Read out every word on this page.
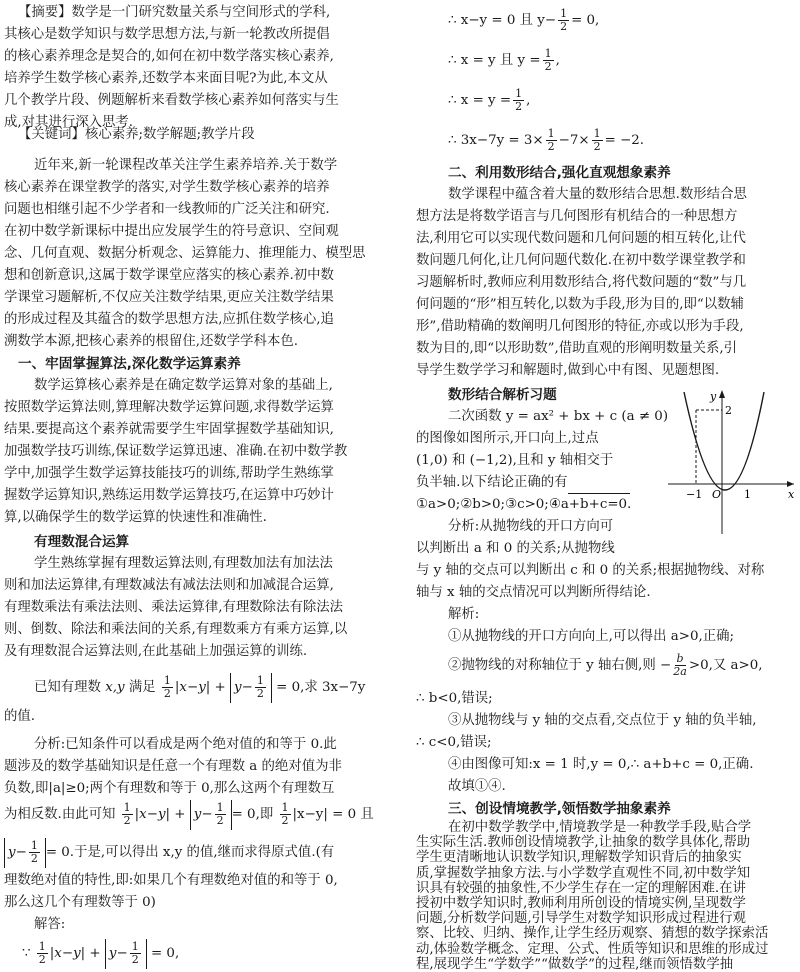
【摘要】数学是一门研究数量关系与空间形式的学科,
其核心是数学知识与数学思想方法,与新一轮教改所提倡
的核心素养理念是契合的,如何在初中数学落实核心素养,
培养学生数学核心素养,还数学本来面目呢?为此,本文从
几个教学片段、例题解析来看数学核心素养如何落实与生
成,对其进行深入思考.
【关键词】核心素养;数学解题;教学片段
近年来,新一轮课程改革关注学生素养培养.关于数学
核心素养在课堂教学的落实,对学生数学核心素养的培养
问题也相继引起不少学者和一线教师的广泛关注和研究.
在初中数学新课标中提出应发展学生的符号意识、空间观
念、几何直观、数据分析观念、运算能力、推理能力、模型思
想和创新意识,这属于数学课堂应落实的核心素养.初中数
学课堂习题解析,不仅应关注数学结果,更应关注数学结果
的形成过程及其蕴含的数学思想方法,应抓住数学核心,追
溯数学本源,把核心素养的根留住,还数学学科本色.
一、牢固掌握算法,深化数学运算素养
数学运算核心素养是在确定数学运算对象的基础上,
按照数学运算法则,算理解决数学运算问题,求得数学运算
结果.要提高这个素养就需要学生牢固掌握数学基础知识,
加强数学技巧训练,保证数学运算迅速、准确.在初中数学教
学中,加强学生数学运算技能技巧的训练,帮助学生熟练掌
握数学运算知识,熟练运用数学运算技巧,在运算中巧妙计
算,以确保学生的数学运算的快速性和准确性.
有理数混合运算
学生熟练掌握有理数运算法则,有理数加法有加法法
则和加法运算律,有理数减法有减法法则和加减混合运算,
有理数乘法有乘法法则、乘法运算律,有理数除法有除法法
则、倒数、除法和乘法间的关系,有理数乘方有乘方运算,以
及有理数混合运算法则,在此基础上加强运算的训练.
已知有理数 x,y 满足 $\frac{1}{2} |x-y| + y- \frac{1}{2} = 0$,求 3x−7y
的值.
分析:已知条件可以看成是两个绝对值的和等于 0.此
题涉及的数学基础知识是任意一个有理数 a 的绝对值为非
负数,即|a|≥0;两个有理数和等于 0,那么这两个有理数互
为相反数.由此可知 $\frac{1}{2} |x-y| + y- \frac{1}{2} = 0$,即 $\frac{1}{2} |x-y| = 0$ 且
$y- \frac{1}{2} = 0$.于是,可以得出 x,y 的值,继而求得原式值.(有
理数绝对值的特性,即:如果几个有理数绝对值的和等于 0,
那么这几个有理数等于 0)
解答:
∵ $\frac{1}{2} |x-y| + y- \frac{1}{2} = 0$,
∴ x−y = 0 且 $y- \frac{1}{2} = 0$,
∴ x = y 且 $y = \frac{1}{2}$ ,
∴ $x = y = \frac{1}{2}$ ,
∴ $3x-7y = 3\times \frac{1}{2} -7\times \frac{1}{2} = -2$.
二、利用数形结合,强化直观想象素养
数学课程中蕴含着大量的数形结合思想.数形结合思
想方法是将数学语言与几何图形有机结合的一种思想方
法,利用它可以实现代数问题和几何问题的相互转化,让代
数问题几何化,让几何问题代数化.在初中数学课堂教学和
习题解析时,教师应利用数形结合,将代数问题的“数”与几
何问题的“形”相互转化,以数为手段,形为目的,即“以数辅
形”,借助精确的数阐明几何图形的特征,亦或以形为手段,
数为目的,即“以形助数”,借助直观的形阐明数量关系,引
导学生数学学习和解题时,做到心中有图、见题想图.
数形结合解析习题
二次函数 y = ax² + bx + c (a ≠ 0)
的图像如图所示,开口向上,过点
(1,0) 和 (−1,2),且和 y 轴相交于
负半轴.以下结论正确的有
①a>0;②b>0;③c>0;④a+b+c=0.
分析:从抛物线的开口方向可
以判断出 a 和 0 的关系;从抛物线
与 y 轴的交点可以判断出 c 和 0 的关系;根据抛物线、对称
轴与 x 轴的交点情况可以判断所得结论.
y
x
O
−1	1
2
解析:
①从抛物线的开口方向向上,可以得出 a>0,正确;
②抛物线的对称轴位于 y 轴右侧,则 − $\frac{b}{2a} >0$,又 a>0,
∴ b<0,错误;
③从抛物线与 y 轴的交点看,交点位于 y 轴的负半轴,
∴ c<0,错误;
④由图像可知:x = 1 时,y = 0,∴ a+b+c = 0,正确.
故填①④.
三、创设情境教学,领悟数学抽象素养
在初中数学教学中,情境教学是一种教学手段,贴合学
生实际生活.教师创设情境教学,让抽象的数学具体化,帮助
学生更清晰地认识数学知识,理解数学知识背后的抽象实
质,掌握数学抽象方法.与小学数学直观性不同,初中数学知
识具有较强的抽象性,不少学生存在一定的理解困难.在讲
授初中数学知识时,教师利用所创设的情境实例,呈现数学
问题,分析数学问题,引导学生对数学知识形成过程进行观
察、比较、归纳、操作,让学生经历观察、猜想的数学探索活
动,体验数学概念、定理、公式、性质等知识和思维的形成过
程,展现学生“学数学”“做数学”的过程,继而领悟数学抽
